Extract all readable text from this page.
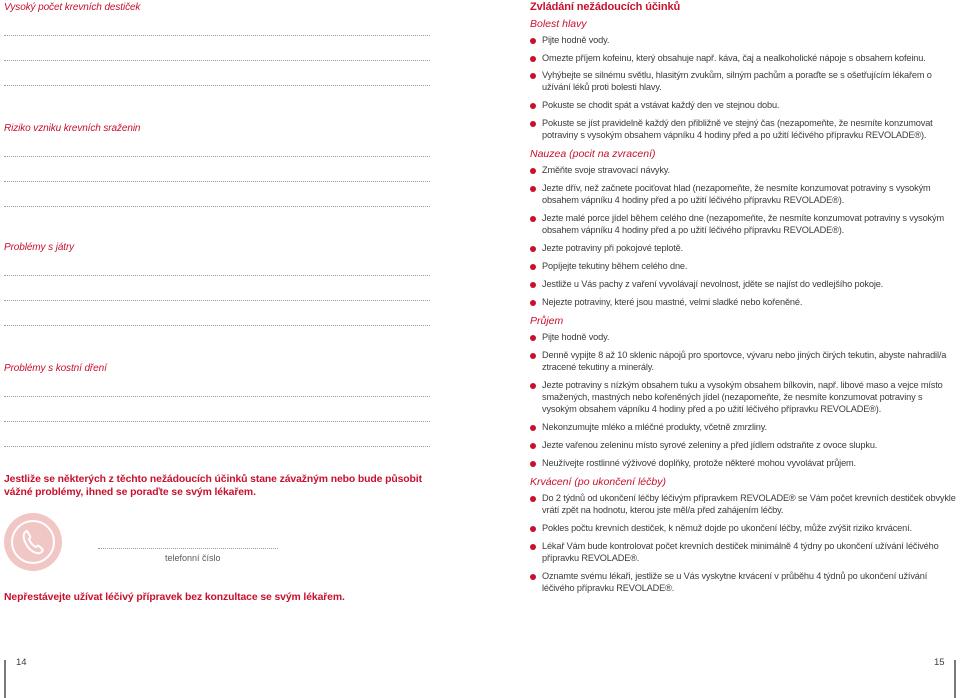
Vysoký počet krevních destiček
Riziko vzniku krevních sraženin
Problémy s játry
Problémy s kostní dření
Jestliže se některých z těchto nežádoucích účinků stane závažným nebo bude působit vážné problémy, ihned se poraďte se svým lékařem.
telefonní číslo
Nepřestávejte užívat léčivý přípravek bez konzultace se svým lékařem.
Zvládání nežádoucích účinků
Bolest hlavy
Pijte hodně vody.
Omezte příjem kofeinu, který obsahuje např. káva, čaj a nealkoholické nápoje s obsahem kofeinu.
Vyhýbejte se silnému světlu, hlasitým zvukům, silným pachům a poraďte se s ošetřujícím lékařem o užívání léků proti bolesti hlavy.
Pokuste se chodit spát a vstávat každý den ve stejnou dobu.
Pokuste se jíst pravidelně každý den přibližně ve stejný čas (nezapomeňte, že nesmíte konzumovat potraviny s vysokým obsahem vápníku 4 hodiny před a po užití léčivého přípravku REVOLADE®).
Nauzea (pocit na zvracení)
Změňte svoje stravovací návyky.
Jezte dřív, než začnete pociťovat hlad (nezapomeňte, že nesmíte konzumovat potraviny s vysokým obsahem vápníku 4 hodiny před a po užití léčivého přípravku REVOLADE®).
Jezte malé porce jídel během celého dne (nezapomeňte, že nesmíte konzumovat potraviny s vysokým obsahem vápníku 4 hodiny před a po užití léčivého přípravku REVOLADE®).
Jezte potraviny při pokojové teplotě.
Popíjejte tekutiny během celého dne.
Jestliže u Vás pachy z vaření vyvolávají nevolnost, jděte se najíst do vedlejšího pokoje.
Nejezte potraviny, které jsou mastné, velmi sladké nebo kořeněné.
Průjem
Pijte hodně vody.
Denně vypijte 8 až 10 sklenic nápojů pro sportovce, vývaru nebo jiných čirých tekutin, abyste nahradil/a ztracené tekutiny a minerály.
Jezte potraviny s nízkým obsahem tuku a vysokým obsahem bílkovin, např. libové maso a vejce místo smažených, mastných nebo kořeněných jídel (nezapomeňte, že nesmíte konzumovat potraviny s vysokým obsahem vápníku 4 hodiny před a po užití léčivého přípravku REVOLADE®).
Nekonzumujte mléko a mléčné produkty, včetně zmrzliny.
Jezte vařenou zeleninu místo syrové zeleniny a před jídlem odstraňte z ovoce slupku.
Neužívejte rostlinné výživové doplňky, protože některé mohou vyvolávat průjem.
Krvácení (po ukončení léčby)
Do 2 týdnů od ukončení léčby léčivým přípravkem REVOLADE® se Vám počet krevních destiček obvykle vrátí zpět na hodnotu, kterou jste měl/a před zahájením léčby.
Pokles počtu krevních destiček, k němuž dojde po ukončení léčby, může zvýšit riziko krvácení.
Lékař Vám bude kontrolovat počet krevních destiček minimálně 4 týdny po ukončení užívání léčivého přípravku REVOLADE®.
Oznamte svému lékaři, jestliže se u Vás vyskytne krvácení v průběhu 4 týdnů po ukončení užívání léčivého přípravku REVOLADE®.
14	15
